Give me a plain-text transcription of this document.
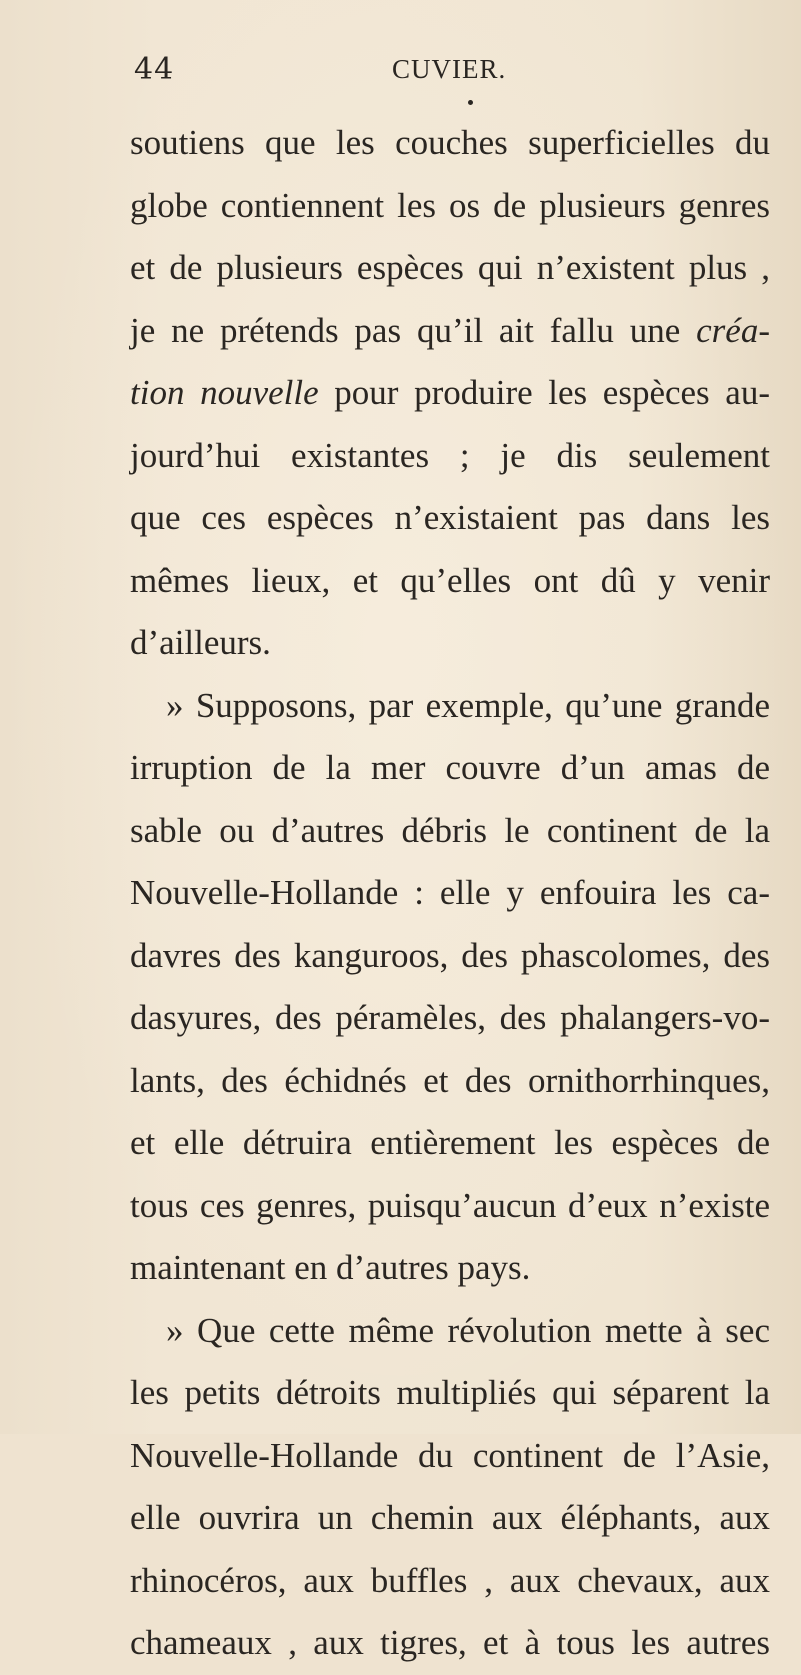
44	CUVIER.
soutiens que les couches superficielles du
globe contiennent les os de plusieurs genres
et de plusieurs espèces qui n’existent plus ,
je ne prétends pas qu’il ait fallu une créa-
tion nouvelle pour produire les espèces au-
jourd’hui existantes ; je dis seulement
que ces espèces n’existaient pas dans les
mêmes lieux, et qu’elles ont dû y venir
d’ailleurs.
» Supposons, par exemple, qu’une grande
irruption de la mer couvre d’un amas de
sable ou d’autres débris le continent de la
Nouvelle-Hollande : elle y enfouira les ca-
davres des kanguroos, des phascolomes, des
dasyures, des péramèles, des phalangers-vo-
lants, des échidnés et des ornithorrhinques,
et elle détruira entièrement les espèces de
tous ces genres, puisqu’aucun d’eux n’existe
maintenant en d’autres pays.
» Que cette même révolution mette à sec
les petits détroits multipliés qui séparent la
Nouvelle-Hollande du continent de l’Asie,
elle ouvrira un chemin aux éléphants, aux
rhinocéros, aux buffles , aux chevaux, aux
chameaux , aux tigres, et à tous les autres
